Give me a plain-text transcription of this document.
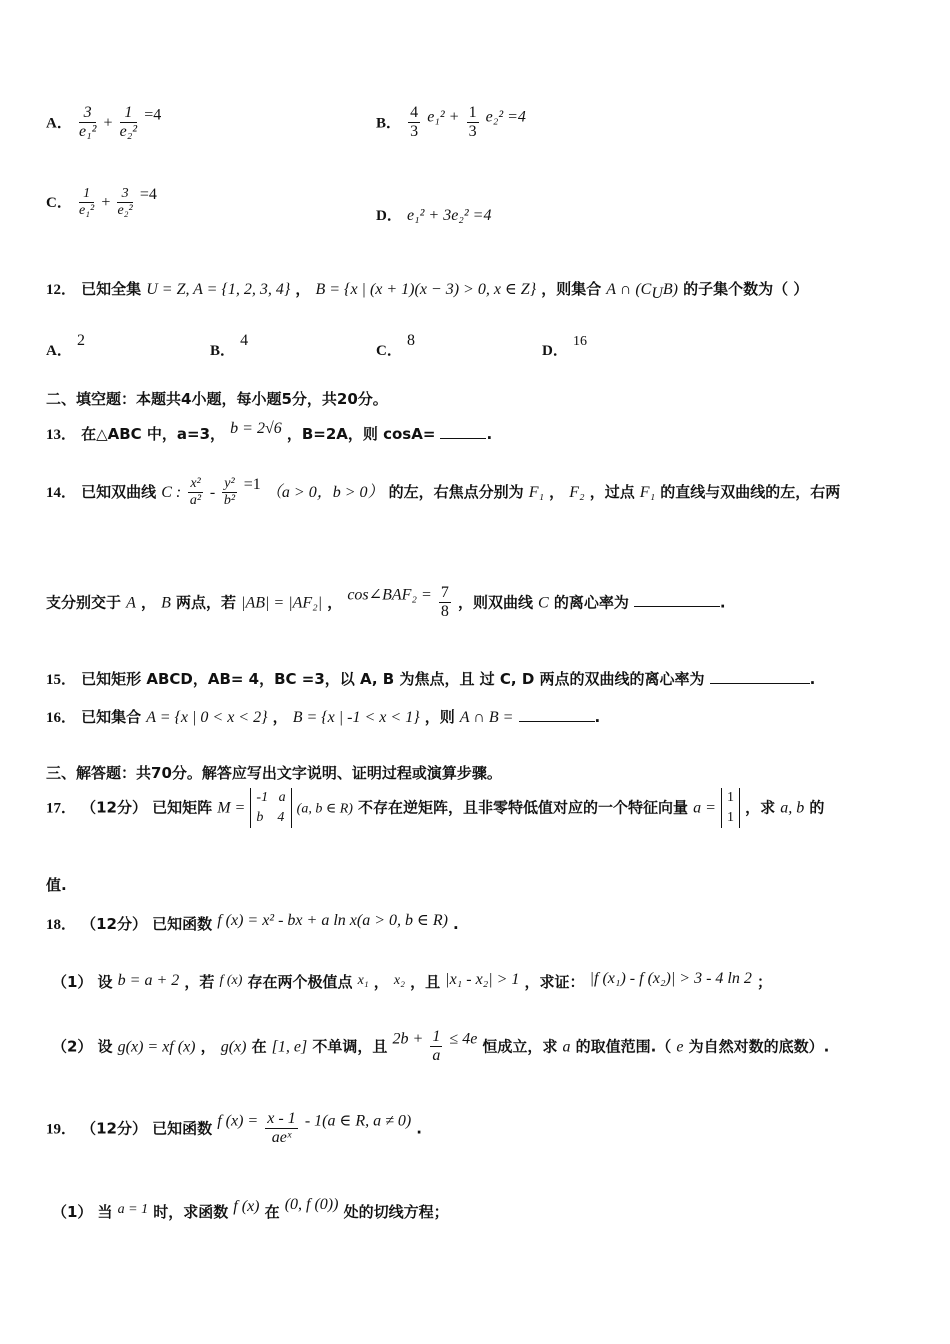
A． $\frac{3}{\text{e₁²}} + \frac{1}{\text{e₂²}} =4$	B． $\frac{4}{3} e_1^2 + \frac{1}{3} e_2^2 =4$
C． $\frac{1}{\text{e₁²}} + \frac{3}{\text{e₂²}} =4$
D． e₁² + 3e₂² =4
12． 已知全集 U = Z, A = {1, 2, 3, 4} ， B = {x | (x + 1)(x − 3) > 0, x ∈ Z} ，则集合 A ∩ $(C_UB)$ 的子集个数为（ ）
A． 2
B． 4
C． 8
D． 16
二、填空题：本题共4小题，每小题5分，共20分。
13． 在△ABC 中，a=3， b = 2√6 ，B=2A，则 cosA=	.
14． 已知双曲线 C : $\frac{\text{x²}}{\text{a²}} - \frac{\text{y²}}{\text{b²}} =1$ （a > 0，b > 0） 的左，右焦点分别为 F₁ ， F₂ ，过点 F₁ 的直线与双曲线的左，右两
支分别交于 A ， B 两点，若 |AB| = |AF₂| ， cos∠BAF₂ = $\frac{7}{8}$ ，则双曲线 C 的离心率为	.
15． 已知矩形 ABCD，AB= 4，BC =3，以 A, B 为焦点，且 过 C, D 两点的双曲线的离心率为	.
16． 已知集合 A = {x | 0 < x < 2} ， B = {x | -1 < x < 1} ，则 A ∩ B =	.
三、解答题：共70分。解答应写出文字说明、证明过程或演算步骤。
17． （12分） 已知矩阵 M = -1 a
b 4 (a, b ∈ R) 不存在逆矩阵，且非零特低值对应的一个特征向量 a = 1
1 ，求 a, b 的
值.
18． （12分） 已知函数 f (x) = x² - bx + a ln x(a > 0, b ∈ R) .
（1） 设 b = a + 2 ，若 f (x) 存在两个极值点 x₁ ， x₂ ，且 |x₁ - x₂| > 1 ，求证： |f (x₁) - f (x₂)| > 3 - 4 ln 2 ；
（2） 设 g(x) = xf (x) ， g(x) 在 [1, e] 不单调，且 $2b + \frac{1}{a} \le 4e$ 恒成立，求 a 的取值范围.（ e 为自然对数的底数）.
19． （12分） 已知函数 f $(x) = \frac{x - 1}{\text{aeˣ}} - 1(a$ ∈ R, a ≠ 0) .
（1） 当 a = 1 时，求函数 f (x) 在 (0, f (0)) 处的切线方程；
